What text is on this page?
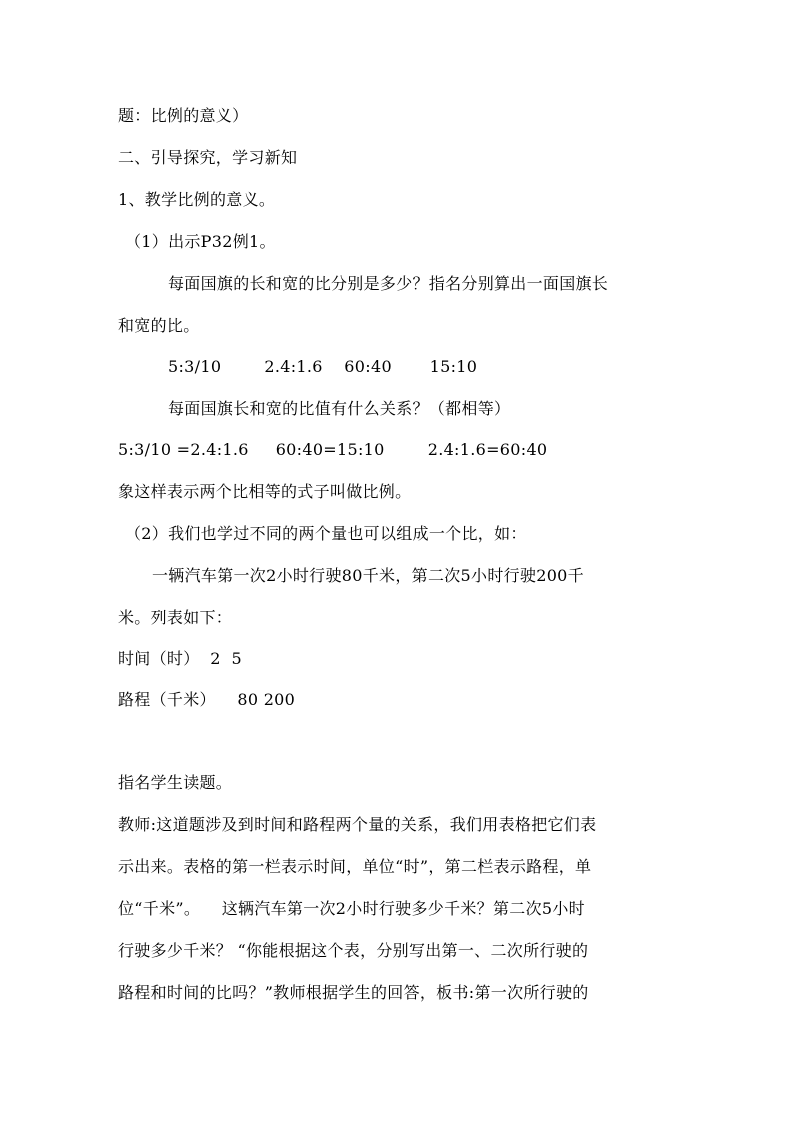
题：比例的意义）
二、引导探究，学习新知
1、教学比例的意义。
（1）出示P32例1。
每面国旗的长和宽的比分别是多少？指名分别算出一面国旗长
和宽的比。
5:3/10        2.4:1.6    60:40       15:10
每面国旗长和宽的比值有什么关系？（都相等）
5:3/10 =2.4:1.6     60:40=15:10        2.4:1.6=60:40
象这样表示两个比相等的式子叫做比例。
（2）我们也学过不同的两个量也可以组成一个比，如：
一辆汽车第一次2小时行驶80千米，第二次5小时行驶200千
米。列表如下：
时间（时）  2  5
路程（千米）    80 200
指名学生读题。
教师:这道题涉及到时间和路程两个量的关系，我们用表格把它们表
示出来。表格的第一栏表示时间，单位“时”，第二栏表示路程，单
位“千米”。    这辆汽车第一次2小时行驶多少千米？第二次5小时
行驶多少千米？ “你能根据这个表，分别写出第一、二次所行驶的
路程和时间的比吗？”教师根据学生的回答，板书:第一次所行驶的
